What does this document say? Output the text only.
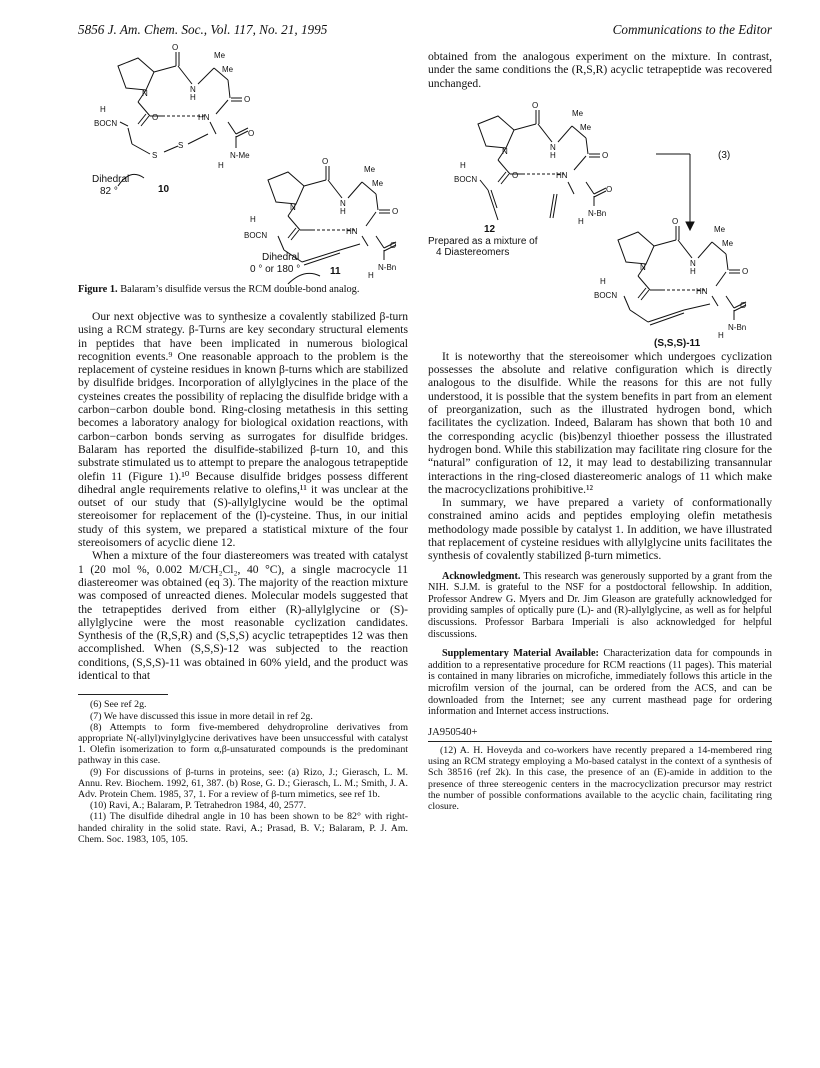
5856 J. Am. Chem. Soc., Vol. 117, No. 21, 1995	Communications to the Editor
O
Me
Me
N
H	O
N
H
BOCN
O	HN
S
S
O
N-Me
H
Dihedral
82 °	10
O
Me
Me
N
H	O
N
H
BOCN	HN
O
N-Bn
H
Dihedral
0 ° or 180 °	11

Figure 1. Balaram’s disulfide versus the RCM double-bond analog.

Our next objective was to synthesize a covalently stabilized β-turn using a RCM strategy. β-Turns are key secondary structural elements in peptides that have been implicated in numerous biological recognition events.⁹ One reasonable approach to the problem is the replacement of cysteine residues in known β-turns which are stabilized by disulfide bridges. Incorporation of allylglycines in the place of the cysteines creates the possibility of replacing the disulfide bridge with a carbon−carbon double bond. Ring-closing metathesis in this setting becomes a laboratory analogy for biological oxidation reactions, with carbon−carbon bonds serving as surrogates for disulfide bridges. Balaram has reported the disulfide-stabilized β-turn 10, and this substrate stimulated us to attempt to prepare the analogous tetrapeptide olefin 11 (Figure 1).¹⁰ Because disulfide bridges possess different dihedral angle requirements relative to olefins,¹¹ it was unclear at the outset of our study that (S)-allylglycine would be the optimal stereoisomer for replacement of the (l)-cysteine. Thus, in our initial study of this system, we prepared a statistical mixture of the four stereoisomers of acyclic diene 12.

When a mixture of the four diastereomers was treated with catalyst 1 (20 mol %, 0.002 M/CH₂Cl₂, 40 °C), a single macrocycle 11 diastereomer was obtained (eq 3). The majority of the reaction mixture was composed of unreacted dienes. Molecular models suggested that the tetrapeptides derived from either (R)-allylglycine or (S)-allylglycine were the most reasonable cyclization candidates. Synthesis of the (R,S,R) and (S,S,S) acyclic tetrapeptides 12 was then accomplished. When (S,S,S)-12 was subjected to the reaction conditions, (S,S,S)-11 was obtained in 60% yield, and the product was identical to that

(6) See ref 2g.

(7) We have discussed this issue in more detail in ref 2g.

(8) Attempts to form five-membered dehydroproline derivatives from appropriate N(-allyl)vinylglycine derivatives have been unsuccessful with catalyst 1. Olefin isomerization to form α,β-unsaturated compounds is the predominant pathway in this case.

(9) For discussions of β-turns in proteins, see: (a) Rizo, J.; Gierasch, L. M. Annu. Rev. Biochem. 1992, 61, 387. (b) Rose, G. D.; Gierasch, L. M.; Smith, J. A. Adv. Protein Chem. 1985, 37, 1. For a review of β-turn mimetics, see ref 1b.

(10) Ravi, A.; Balaram, P. Tetrahedron 1984, 40, 2577.

(11) The disulfide dihedral angle in 10 has been shown to be 82° with right-handed chirality in the solid state. Ravi, A.; Prasad, B. V.; Balaram, P. J. Am. Chem. Soc. 1983, 105, 105.

obtained from the analogous experiment on the mixture. In contrast, under the same conditions the (R,S,R) acyclic tetrapeptide was recovered unchanged.

O
Me
Me
N
H	O
N
H
BOCN	O	HN
O
N-Bn
H
(3)
12
Prepared as a mixture of
4 Diastereomers
O
Me
Me
N
H	O
N
H
BOCN	HN
O
N-Bn
H
(S,S,S)-11

It is noteworthy that the stereoisomer which undergoes cyclization possesses the absolute and relative configuration which is directly analogous to the disulfide. While the reasons for this are not fully understood, it is possible that the system benefits in part from an element of preorganization, such as the illustrated hydrogen bond, which facilitates the cyclization. Indeed, Balaram has shown that both 10 and the corresponding acyclic (bis)benzyl thioether possess the illustrated hydrogen bond. While this stabilization may facilitate ring closure for the “natural” configuration of 12, it may lead to destabilizing transannular interactions in the ring-closed diastereomeric analogs of 11 which make the macrocyclizations prohibitive.¹²

In summary, we have prepared a variety of conformationally constrained amino acids and peptides employing olefin metathesis methodology made possible by catalyst 1. In addition, we have illustrated that replacement of cysteine residues with allylglycine units facilitates the synthesis of covalently stabilized β-turn mimetics.

Acknowledgment. This research was generously supported by a grant from the NIH. S.J.M. is grateful to the NSF for a postdoctoral fellowship. In addition, Professor Andrew G. Myers and Dr. Jim Gleason are gratefully acknowledged for providing samples of optically pure (L)- and (R)-allylglycine, as well as for helpful discussions. Professor Barbara Imperiali is also acknowledged for helpful discussions.

Supplementary Material Available: Characterization data for compounds in addition to a representative procedure for RCM reactions (11 pages). This material is contained in many libraries on microfiche, immediately follows this article in the microfilm version of the journal, can be ordered from the ACS, and can be downloaded from the Internet; see any current masthead page for ordering information and Internet access instructions.

JA950540+

(12) A. H. Hoveyda and co-workers have recently prepared a 14-membered ring using an RCM strategy employing a Mo-based catalyst in the context of a synthesis of Sch 38516 (ref 2k). In this case, the presence of an (E)-amide in addition to the presence of three stereogenic centers in the macrocyclization precursor may restrict the number of possible conformations available to the acyclic chain, facilitating ring closure.
